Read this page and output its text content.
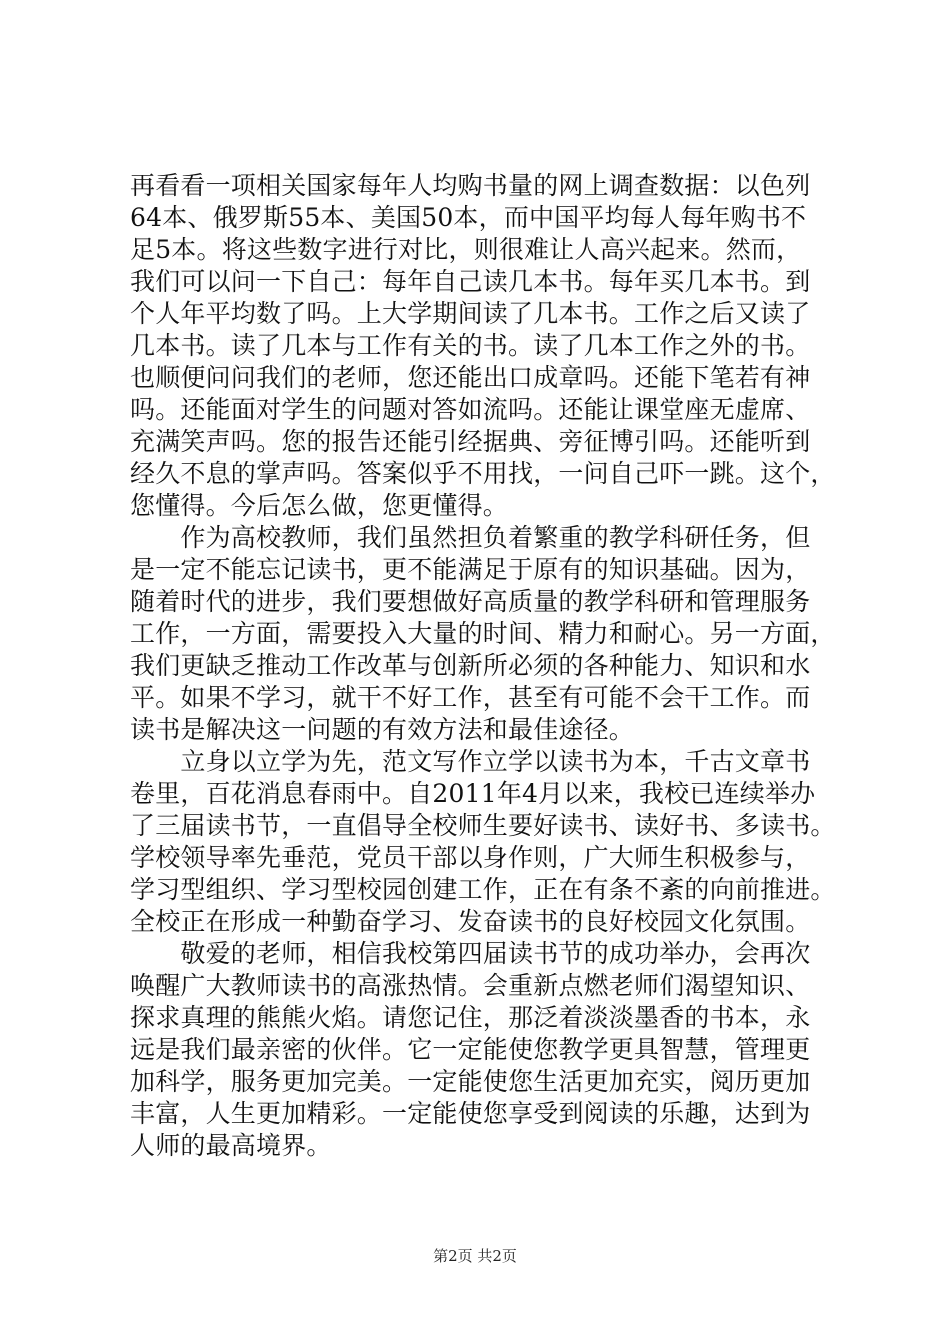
再看看一项相关国家每年人均购书量的网上调查数据：以色列
64本、俄罗斯55本、美国50本，而中国平均每人每年购书不
足5本。将这些数字进行对比，则很难让人高兴起来。然而，
我们可以问一下自己：每年自己读几本书。每年买几本书。到
个人年平均数了吗。上大学期间读了几本书。工作之后又读了
几本书。读了几本与工作有关的书。读了几本工作之外的书。
也顺便问问我们的老师，您还能出口成章吗。还能下笔若有神
吗。还能面对学生的问题对答如流吗。还能让课堂座无虚席、
充满笑声吗。您的报告还能引经据典、旁征博引吗。还能听到
经久不息的掌声吗。答案似乎不用找，一问自己吓一跳。这个，
您懂得。今后怎么做，您更懂得。
　　作为高校教师，我们虽然担负着繁重的教学科研任务，但
是一定不能忘记读书，更不能满足于原有的知识基础。因为，
随着时代的进步，我们要想做好高质量的教学科研和管理服务
工作，一方面，需要投入大量的时间、精力和耐心。另一方面，
我们更缺乏推动工作改革与创新所必须的各种能力、知识和水
平。如果不学习，就干不好工作，甚至有可能不会干工作。而
读书是解决这一问题的有效方法和最佳途径。
　　立身以立学为先，范文写作立学以读书为本，千古文章书
卷里，百花消息春雨中。自2011年4月以来，我校已连续举办
了三届读书节，一直倡导全校师生要好读书、读好书、多读书。
学校领导率先垂范，党员干部以身作则，广大师生积极参与，
学习型组织、学习型校园创建工作，正在有条不紊的向前推进。
全校正在形成一种勤奋学习、发奋读书的良好校园文化氛围。
　　敬爱的老师，相信我校第四届读书节的成功举办，会再次
唤醒广大教师读书的高涨热情。会重新点燃老师们渴望知识、
探求真理的熊熊火焰。请您记住，那泛着淡淡墨香的书本，永
远是我们最亲密的伙伴。它一定能使您教学更具智慧，管理更
加科学，服务更加完美。一定能使您生活更加充实，阅历更加
丰富，人生更加精彩。一定能使您享受到阅读的乐趣，达到为
人师的最高境界。
第2页 共2页
